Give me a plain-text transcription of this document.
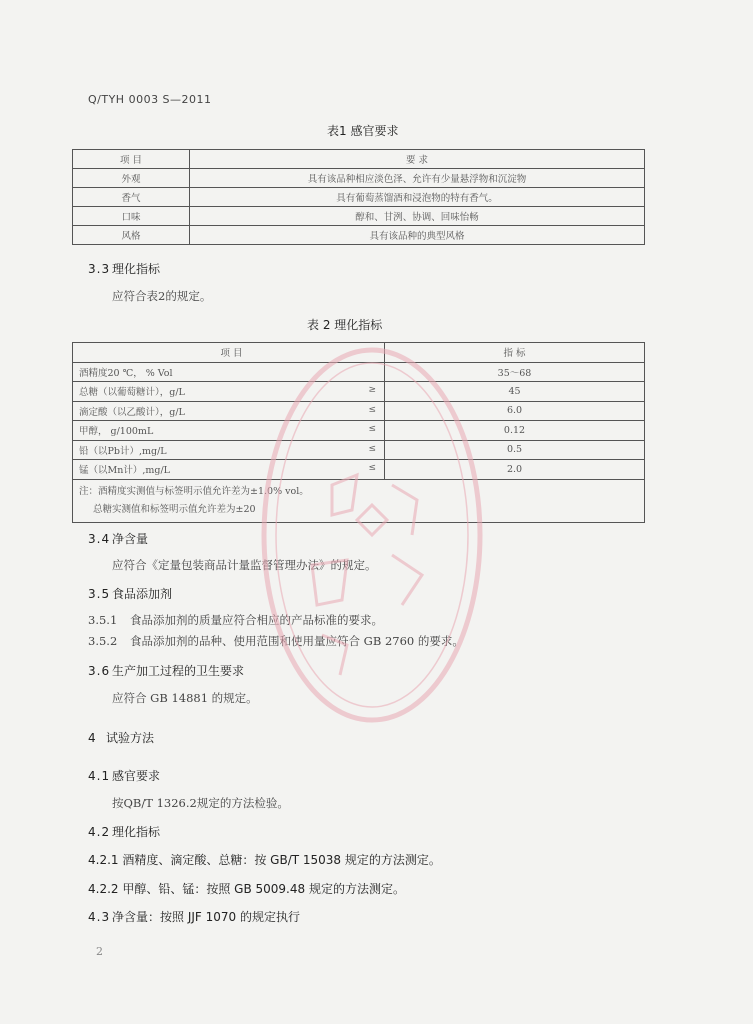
Q/TYH 0003 S—2011
表1 感官要求
项 目	要 求
外观	具有该品种相应淡色泽、允许有少量悬浮物和沉淀物
香气	具有葡萄蒸馏酒和浸泡物的特有香气。
口味	醇和、甘洌、协调、回味怡畅
风格	具有该品种的典型风格
3.3 理化指标
应符合表2的规定。
表 2 理化指标
项 目	指 标
酒精度20 ℃， % Vol	35～68
总糖（以葡萄糖计），g/L ≥	45
滴定酸（以乙酸计），g/L ≤	6.0
甲醇， g/100mL ≤	0.12
铅（以Pb计）,mg/L ≤	0.5
锰（以Mn计）,mg/L ≤	2.0

注：酒精度实测值与标签明示值允许差为±1.0% vol。
总糖实测值和标签明示值允许差为±20	
3.4 净含量
应符合《定量包装商品计量监督管理办法》的规定。
3.5 食品添加剂
3.5.1 食品添加剂的质量应符合相应的产品标准的要求。
3.5.2 食品添加剂的品种、使用范围和使用量应符合 GB 2760 的要求。
3.6 生产加工过程的卫生要求
应符合 GB 14881 的规定。
4 试验方法
4.1 感官要求
按QB/T 1326.2规定的方法检验。
4.2 理化指标
4.2.1 酒精度、滴定酸、总糖：按 GB/T 15038 规定的方法测定。
4.2.2 甲醇、铅、锰：按照 GB 5009.48 规定的方法测定。
4.3 净含量：按照 JJF 1070 的规定执行
2
